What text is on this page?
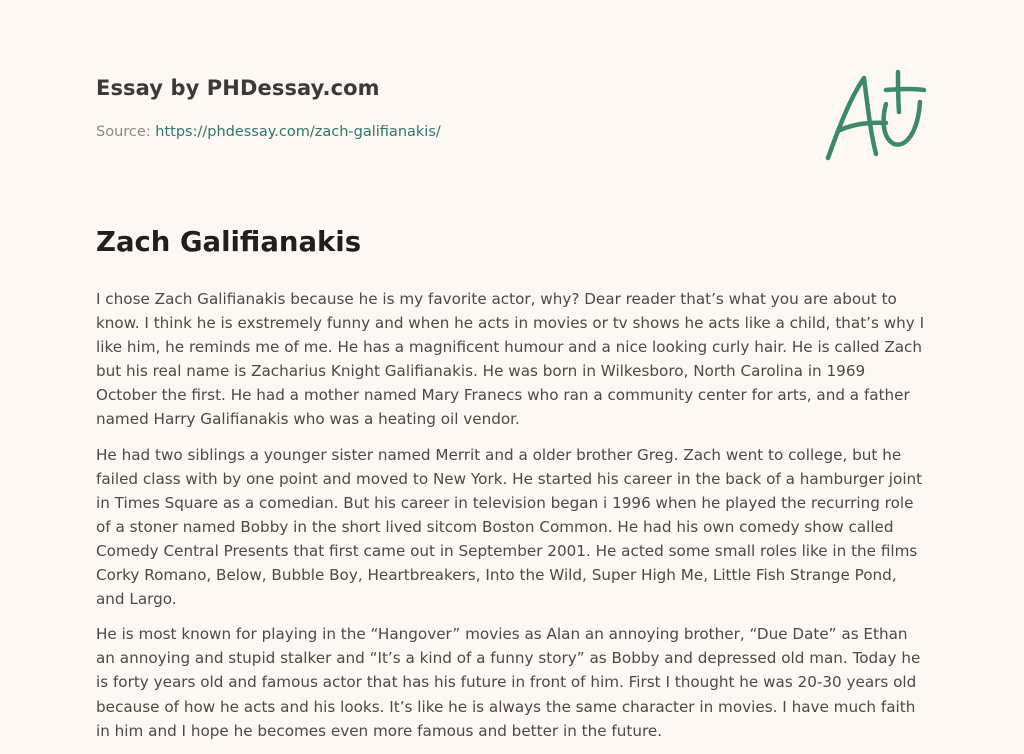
Essay by PHDessay.com
Source: https://phdessay.com/zach-galifianakis/
Zach Galifianakis

I chose Zach Galifianakis because he is my favorite actor, why? Dear reader that’s what you are about to know. I think he is exstremely funny and when he acts in movies or tv shows he acts like a child, that’s why I like him, he reminds me of me. He has a magnificent humour and a nice looking curly hair. He is called Zach but his real name is Zacharius Knight Galifianakis. He was born in Wilkesboro, North Carolina in 1969 October the first. He had a mother named Mary Franecs who ran a community center for arts, and a father named Harry Galifianakis who was a heating oil vendor.

He had two siblings a younger sister named Merrit and a older brother Greg. Zach went to college, but he failed class with by one point and moved to New York. He started his career in the back of a hamburger joint in Times Square as a comedian. But his career in television began i 1996 when he played the recurring role of a stoner named Bobby in the short lived sitcom Boston Common. He had his own comedy show called Comedy Central Presents that first came out in September 2001. He acted some small roles like in the films Corky Romano, Below, Bubble Boy, Heartbreakers, Into the Wild, Super High Me, Little Fish Strange Pond, and Largo.

He is most known for playing in the “Hangover” movies as Alan an annoying brother, “Due Date” as Ethan an annoying and stupid stalker and “It’s a kind of a funny story” as Bobby and depressed old man. Today he is forty years old and famous actor that has his future in front of him. First I thought he was 20-30 years old because of how he acts and his looks. It’s like he is always the same character in movies. I have much faith in him and I hope he becomes even more famous and better in the future.
